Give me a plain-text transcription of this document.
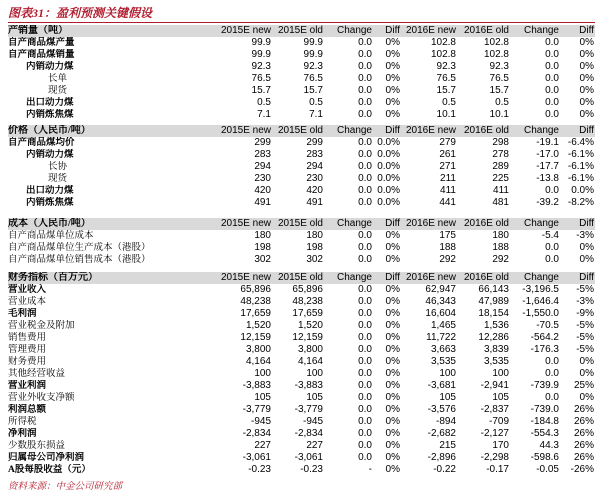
图表31：盈利预测关键假设
产销量（吨）	2015E new	2015E old	Change	Diff	2016E new	2016E old	Change	Diff
自产商品煤产量	99.9	99.9	0.0	0%	102.8	102.8	0.0	0%
自产商品煤销量	99.9	99.9	0.0	0%	102.8	102.8	0.0	0%
内销动力煤	92.3	92.3	0.0	0%	92.3	92.3	0.0	0%
长单	76.5	76.5	0.0	0%	76.5	76.5	0.0	0%
现货	15.7	15.7	0.0	0%	15.7	15.7	0.0	0%
出口动力煤	0.5	0.5	0.0	0%	0.5	0.5	0.0	0%
内销炼焦煤	7.1	7.1	0.0	0%	10.1	10.1	0.0	0%
价格（人民币/吨）	2015E new	2015E old	Change	Diff	2016E new	2016E old	Change	Diff
自产商品煤均价	299	299	0.0	0.0%	279	298	-19.1	-6.4%
内销动力煤	283	283	0.0	0.0%	261	278	-17.0	-6.1%
长协	294	294	0.0	0.0%	271	289	-17.7	-6.1%
现货	230	230	0.0	0.0%	211	225	-13.8	-6.1%
出口动力煤	420	420	0.0	0.0%	411	411	0.0	0.0%
内销炼焦煤	491	491	0.0	0.0%	441	481	-39.2	-8.2%
成本（人民币/吨）	2015E new	2015E old	Change	Diff	2016E new	2016E old	Change	Diff
自产商品煤单位成本	180	180	0.0	0%	175	180	-5.4	-3%
自产商品煤单位生产成本（港股）	198	198	0.0	0%	188	188	0.0	0%
自产商品煤单位销售成本（港股）	302	302	0.0	0%	292	292	0.0	0%
财务指标（百万元）	2015E new	2015E old	Change	Diff	2016E new	2016E old	Change	Diff
营业收入	65,896	65,896	0.0	0%	62,947	66,143	-3,196.5	-5%
营业成本	48,238	48,238	0.0	0%	46,343	47,989	-1,646.4	-3%
毛利润	17,659	17,659	0.0	0%	16,604	18,154	-1,550.0	-9%
营业税金及附加	1,520	1,520	0.0	0%	1,465	1,536	-70.5	-5%
销售费用	12,159	12,159	0.0	0%	11,722	12,286	-564.2	-5%
管理费用	3,800	3,800	0.0	0%	3,663	3,839	-176.3	-5%
财务费用	4,164	4,164	0.0	0%	3,535	3,535	0.0	0%
其他经营收益	100	100	0.0	0%	100	100	0.0	0%
营业利润	-3,883	-3,883	0.0	0%	-3,681	-2,941	-739.9	25%
营业外收支净额	105	105	0.0	0%	105	105	0.0	0%
利润总额	-3,779	-3,779	0.0	0%	-3,576	-2,837	-739.0	26%
所得税	-945	-945	0.0	0%	-894	-709	-184.8	26%
净利润	-2,834	-2,834	0.0	0%	-2,682	-2,127	-554.3	26%
少数股东损益	227	227	0.0	0%	215	170	44.3	26%
归属母公司净利润	-3,061	-3,061	0.0	0%	-2,896	-2,298	-598.6	26%
A股每股收益（元）	-0.23	-0.23	-	0%	-0.22	-0.17	-0.05	-26%
资料来源：中金公司研究部
